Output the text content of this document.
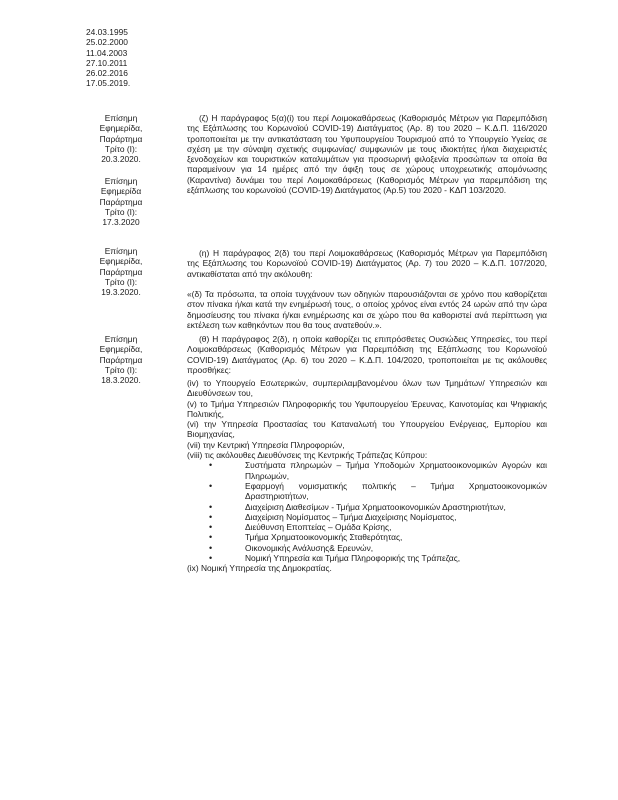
24.03.1995
25.02.2000
11.04.2003
27.10.2011
26.02.2016
17.05.2019.
Επίσημη
Εφημερίδα,
Παράρτημα
Τρίτο (Ι):
20.3.2020.
Επίσημη
Εφημερίδα
Παράρτημα
Τρίτο (Ι):
17.3.2020
Επίσημη
Εφημερίδα,
Παράρτημα
Τρίτο (Ι):
19.3.2020.
Επίσημη
Εφημερίδα,
Παράρτημα
Τρίτο (Ι):
18.3.2020.

(ζ) Η παράγραφος 5(α)(i) του περί Λοιμοκαθάρσεως (Καθορισμός Μέτρων για Παρεμπόδιση της Εξάπλωσης του Κορωνοϊού COVID-19) Διατάγματος (Αρ. 8) του 2020 – Κ.Δ.Π. 116/2020 τροποποιείται με την αντικατάσταση του Υφυπουργείου Τουρισμού από το Υπουργείο Υγείας σε σχέση με την σύναψη σχετικής συμφωνίας/ συμφωνιών με τους ιδιοκτήτες ή/και διαχειριστές ξενοδοχείων και τουριστικών καταλυμάτων για προσωρινή φιλοξενία προσώπων τα οποία θα παραμείνουν για 14 ημέρες από την άφιξη τους σε χώρους υποχρεωτικής απομόνωσης (Καραντίνα) δυνάμει του περί Λοιμοκαθάρσεως (Καθορισμός Μέτρων για παρεμπόδιση της εξάπλωσης του κορωνοϊού (COVID-19) Διατάγματος (Αρ.5) του 2020 - ΚΔΠ 103/2020.

(η) Η παράγραφος 2(δ) του περί Λοιμοκαθάρσεως (Καθορισμός Μέτρων για Παρεμπόδιση της Εξάπλωσης του Κορωνοϊού COVID-19) Διατάγματος (Αρ. 7) του 2020 – Κ.Δ.Π. 107/2020, αντικαθίσταται από την ακόλουθη:

«(δ) Τα πρόσωπα, τα οποία τυγχάνουν των οδηγιών παρουσιάζονται σε χρόνο που καθορίζεται στον πίνακα ή/και κατά την ενημέρωσή τους, ο οποίος χρόνος είναι εντός 24 ωρών από την ώρα δημοσίευσης του πίνακα ή/και ενημέρωσης και σε χώρο που θα καθοριστεί ανά περίπτωση για εκτέλεση των καθηκόντων που θα τους ανατεθούν.».

(θ) Η παράγραφος 2(δ), η οποία καθορίζει τις επιπρόσθετες Ουσιώδεις Υπηρεσίες, του περί Λοιμοκαθάρσεως (Καθορισμός Μέτρων για Παρεμπόδιση της Εξάπλωσης του Κορωνοϊού COVID-19) Διατάγματος (Αρ. 6) του 2020 – Κ.Δ.Π. 104/2020, τροποποιείται με τις ακόλουθες προσθήκες:

(iv) το Υπουργείο Εσωτερικών, συμπεριλαμβανομένου όλων των Τμημάτων/ Υπηρεσιών και Διευθύνσεων του,

(v) το Τμήμα Υπηρεσιών Πληροφορικής του Υφυπουργείου Έρευνας, Καινοτομίας και Ψηφιακής Πολιτικής,

(vi) την Υπηρεσία Προστασίας του Καταναλωτή του Υπουργείου Ενέργειας, Εμπορίου και Βιομηχανίας,

(vii) την Κεντρική Υπηρεσία Πληροφοριών,

(viii) τις ακόλουθες Διευθύνσεις της Κεντρικής Τράπεζας Κύπρου:

• Συστήματα πληρωμών – Τμήμα Υποδομών Χρηματοοικονομικών Αγορών και Πληρωμών,
• Εφαρμογή νομισματικής πολιτικής – Τμήμα Χρηματοοικονομικών Δραστηριοτήτων,
• Διαχείριση Διαθεσίμων - Τμήμα Χρηματοοικονομικών Δραστηριοτήτων,
• Διαχείριση Νομίσματος – Τμήμα Διαχείρισης Νομίσματος,
• Διεύθυνση Εποπτείας – Ομάδα Κρίσης,
• Τμήμα Χρηματοοικονομικής Σταθερότητας,
• Οικονομικής Ανάλυσης& Ερευνών,
• Νομική Υπηρεσία και Τμήμα Πληροφορικής της Τράπεζας,

(ix) Νομική Υπηρεσία της Δημοκρατίας.
